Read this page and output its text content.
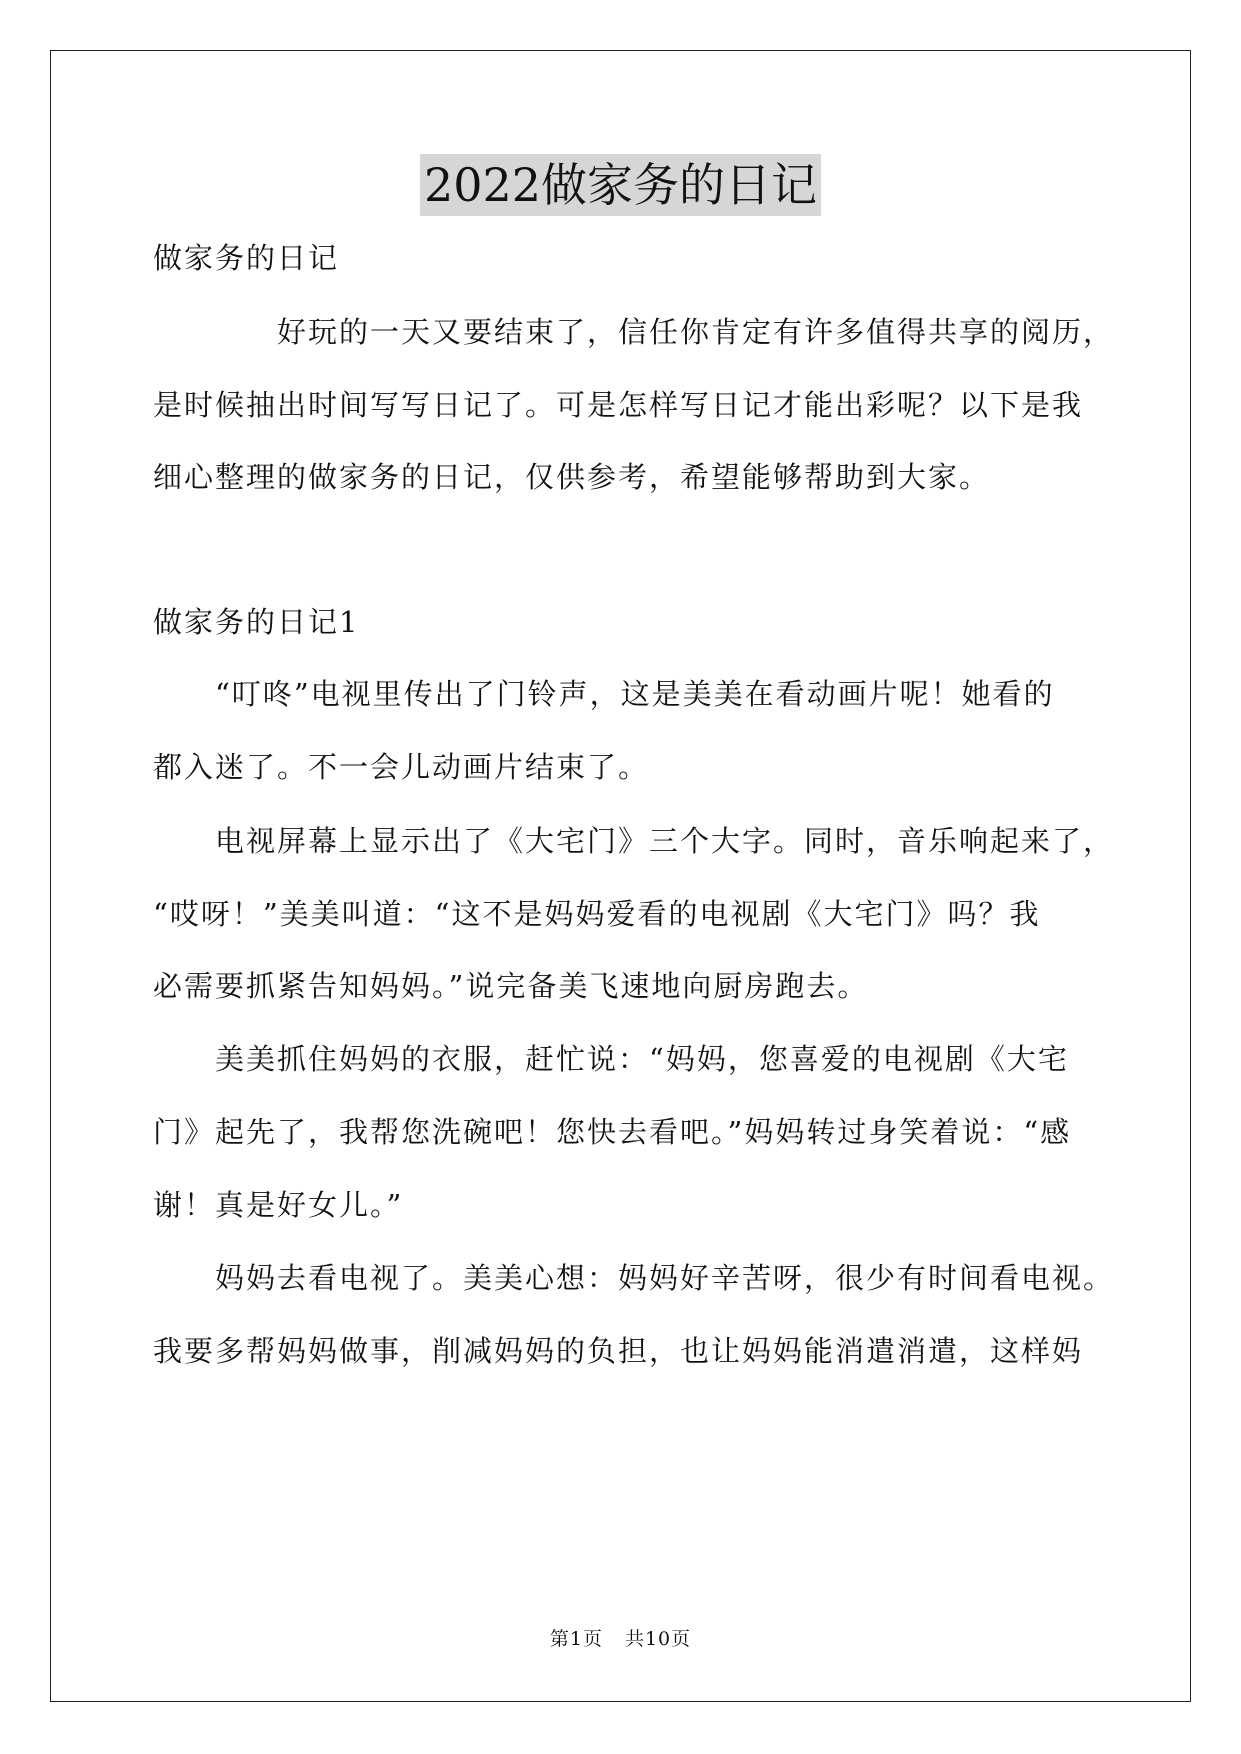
2022做家务的日记
做家务的日记
　　　　好玩的一天又要结束了，信任你肯定有许多值得共享的阅历，
是时候抽出时间写写日记了。可是怎样写日记才能出彩呢？以下是我
细心整理的做家务的日记，仅供参考，希望能够帮助到大家。
做家务的日记1
　　“叮咚”电视里传出了门铃声，这是美美在看动画片呢！她看的
都入迷了。不一会儿动画片结束了。
　　电视屏幕上显示出了《大宅门》三个大字。同时，音乐响起来了，
“哎呀！”美美叫道：“这不是妈妈爱看的电视剧《大宅门》吗？我
必需要抓紧告知妈妈。”说完备美飞速地向厨房跑去。
　　美美抓住妈妈的衣服，赶忙说：“妈妈，您喜爱的电视剧《大宅
门》起先了，我帮您洗碗吧！您快去看吧。”妈妈转过身笑着说：“感
谢！真是好女儿。”
　　妈妈去看电视了。美美心想：妈妈好辛苦呀，很少有时间看电视。
我要多帮妈妈做事，削减妈妈的负担，也让妈妈能消遣消遣，这样妈
第1页 共10页
